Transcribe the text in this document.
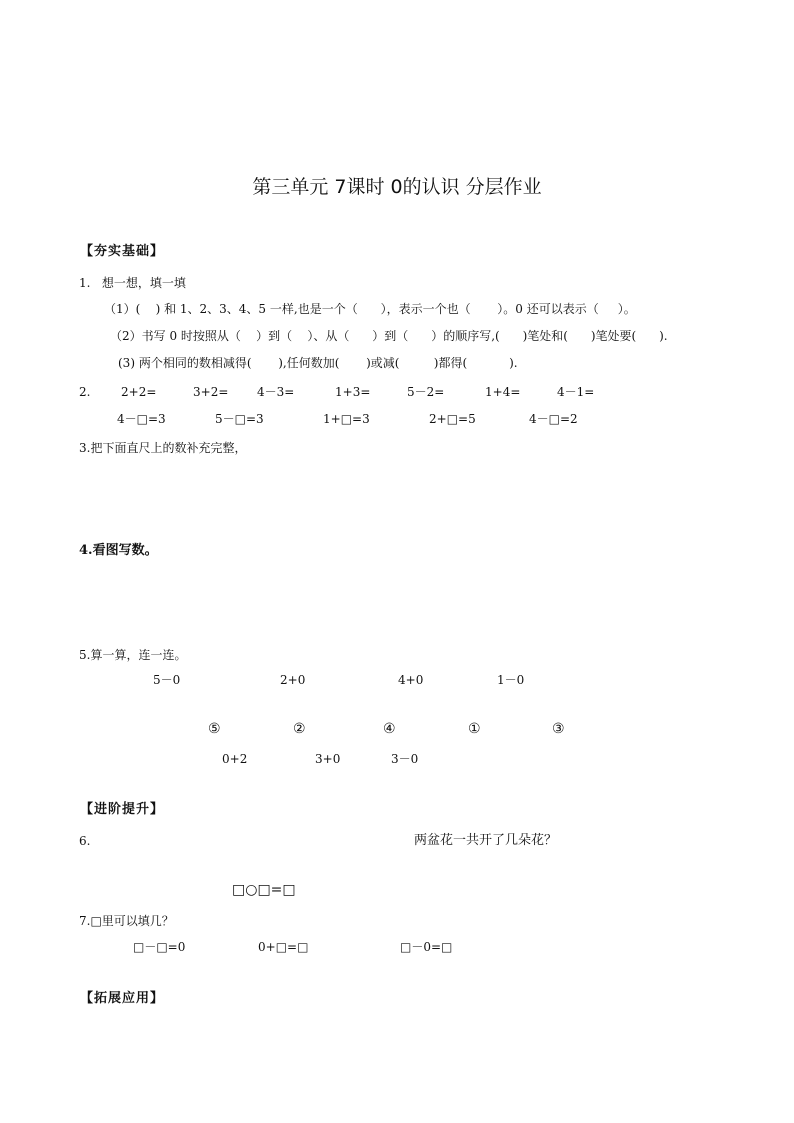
第三单元 7课时 0的认识 分层作业
【夯实基础】
1.   想一想，填一填
（1）(    ) 和 1、2、3、4、5 一样,也是一个（      ），表示一个也（       ）。0 还可以表示（     ）。
（2）书写 0 时按照从（    ）到（    ）、从（      ）到（      ）的顺序写,(      )笔处和(      )笔处要(      ).
(3) 两个相同的数相减得(       ),任何数加(       )或减(         )都得(           ).
2.	2+2=	3+2= 4－3=	1+3=	5－2=	1+4=	4－1=
4－□=3	5－□=3	1+□=3	2+□=5	4－□=2
3.把下面直尺上的数补充完整，
4.看图写数。
5.算一算，连一连。
5－0	2+0	4+0	1－0
⑤	②	④	①	③
0+2	3+0	3－0
【进阶提升】
6.	两盆花一共开了几朵花？
□○□=□
7.□里可以填几？
□－□=0	0+□=□	□－0=□
【拓展应用】
